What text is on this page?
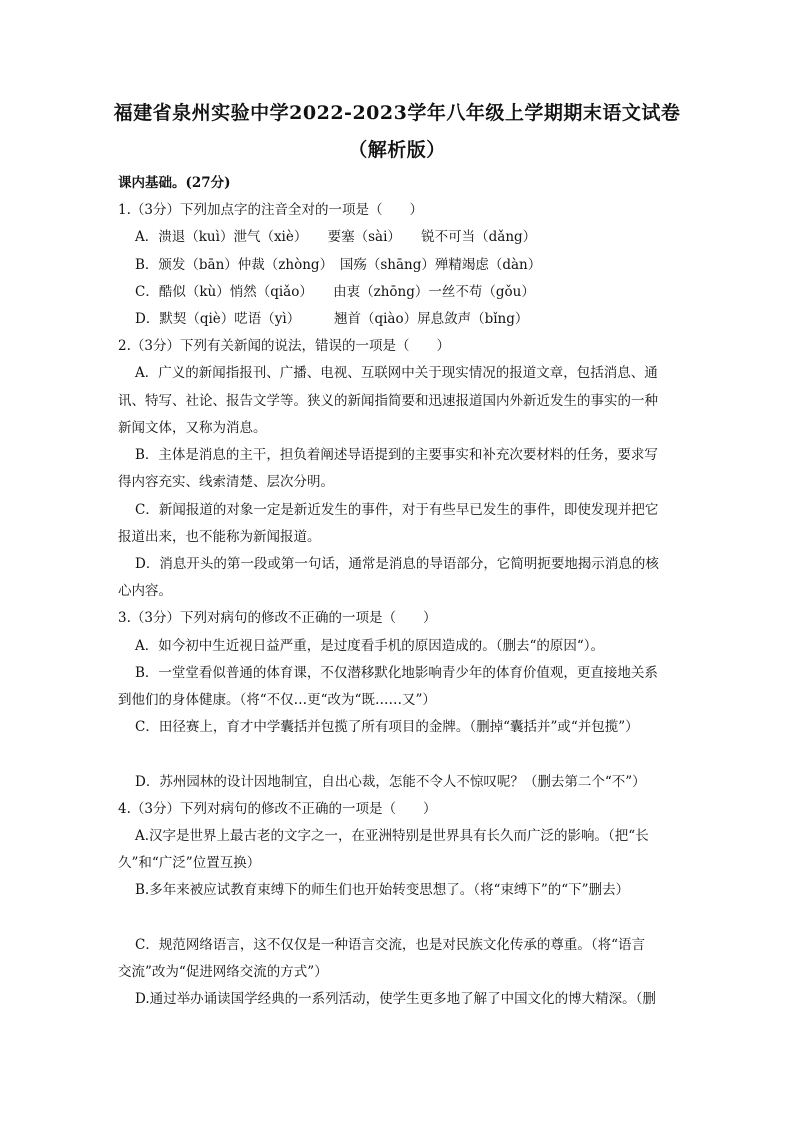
福建省泉州实验中学2022-2023学年八年级上学期期末语文试卷
（解析版）
课内基础。(27分)
1.（3分）下列加点字的注音全对的一项是（　　）
A．溃退（kuì）泄气（xiè）　　要塞（sài）　　锐不可当（dǎng）
B．颁发（bān）仲裁（zhòng）　国殇（shāng）殚精竭虑（dàn）
C．酷似（kù）悄然（qiǎo）　　由衷（zhōng）一丝不苟（gǒu）
D．默契（qiè）呓语（yì）　　　翘首（qiào）屏息敛声（bǐng）
2.（3分）下列有关新闻的说法，错误的一项是（　　）
A．广义的新闻指报刊、广播、电视、互联网中关于现实情况的报道文章，包括消息、通
讯、特写、社论、报告文学等。狭义的新闻指简要和迅速报道国内外新近发生的事实的一种
新闻文体，又称为消息。
B．主体是消息的主干，担负着阐述导语提到的主要事实和补充次要材料的任务，要求写
得内容充实、线索清楚、层次分明。
C．新闻报道的对象一定是新近发生的事件，对于有些早已发生的事件，即使发现并把它
报道出来，也不能称为新闻报道。
D．消息开头的第一段或第一句话，通常是消息的导语部分，它简明扼要地揭示消息的核
心内容。
3.（3分）下列对病句的修改不正确的一项是（　　）
A．如今初中生近视日益严重，是过度看手机的原因造成的。（删去“的原因“）。
B．一堂堂看似普通的体育课，不仅潜移默化地影响青少年的体育价值观，更直接地关系
到他们的身体健康。（将“不仅…更“改为“既……又”）
C．田径赛上，育才中学囊括并包揽了所有项目的金牌。（删掉“囊括并”或“并包揽”）
D．苏州园林的设计因地制宜，自出心裁，怎能不令人不惊叹呢？（删去第二个“不”）
4.（3分）下列对病句的修改不正确的一项是（　　）
A.汉字是世界上最古老的文字之一，在亚洲特别是世界具有长久而广泛的影响。（把“长
久”和“广泛”位置互换）
B.多年来被应试教育束缚下的师生们也开始转变思想了。（将“束缚下”的“下”删去）
C．规范网络语言，这不仅仅是一种语言交流，也是对民族文化传承的尊重。（将“语言
交流”改为“促进网络交流的方式”）
D.通过举办诵读国学经典的一系列活动，使学生更多地了解了中国文化的博大精深。（删
